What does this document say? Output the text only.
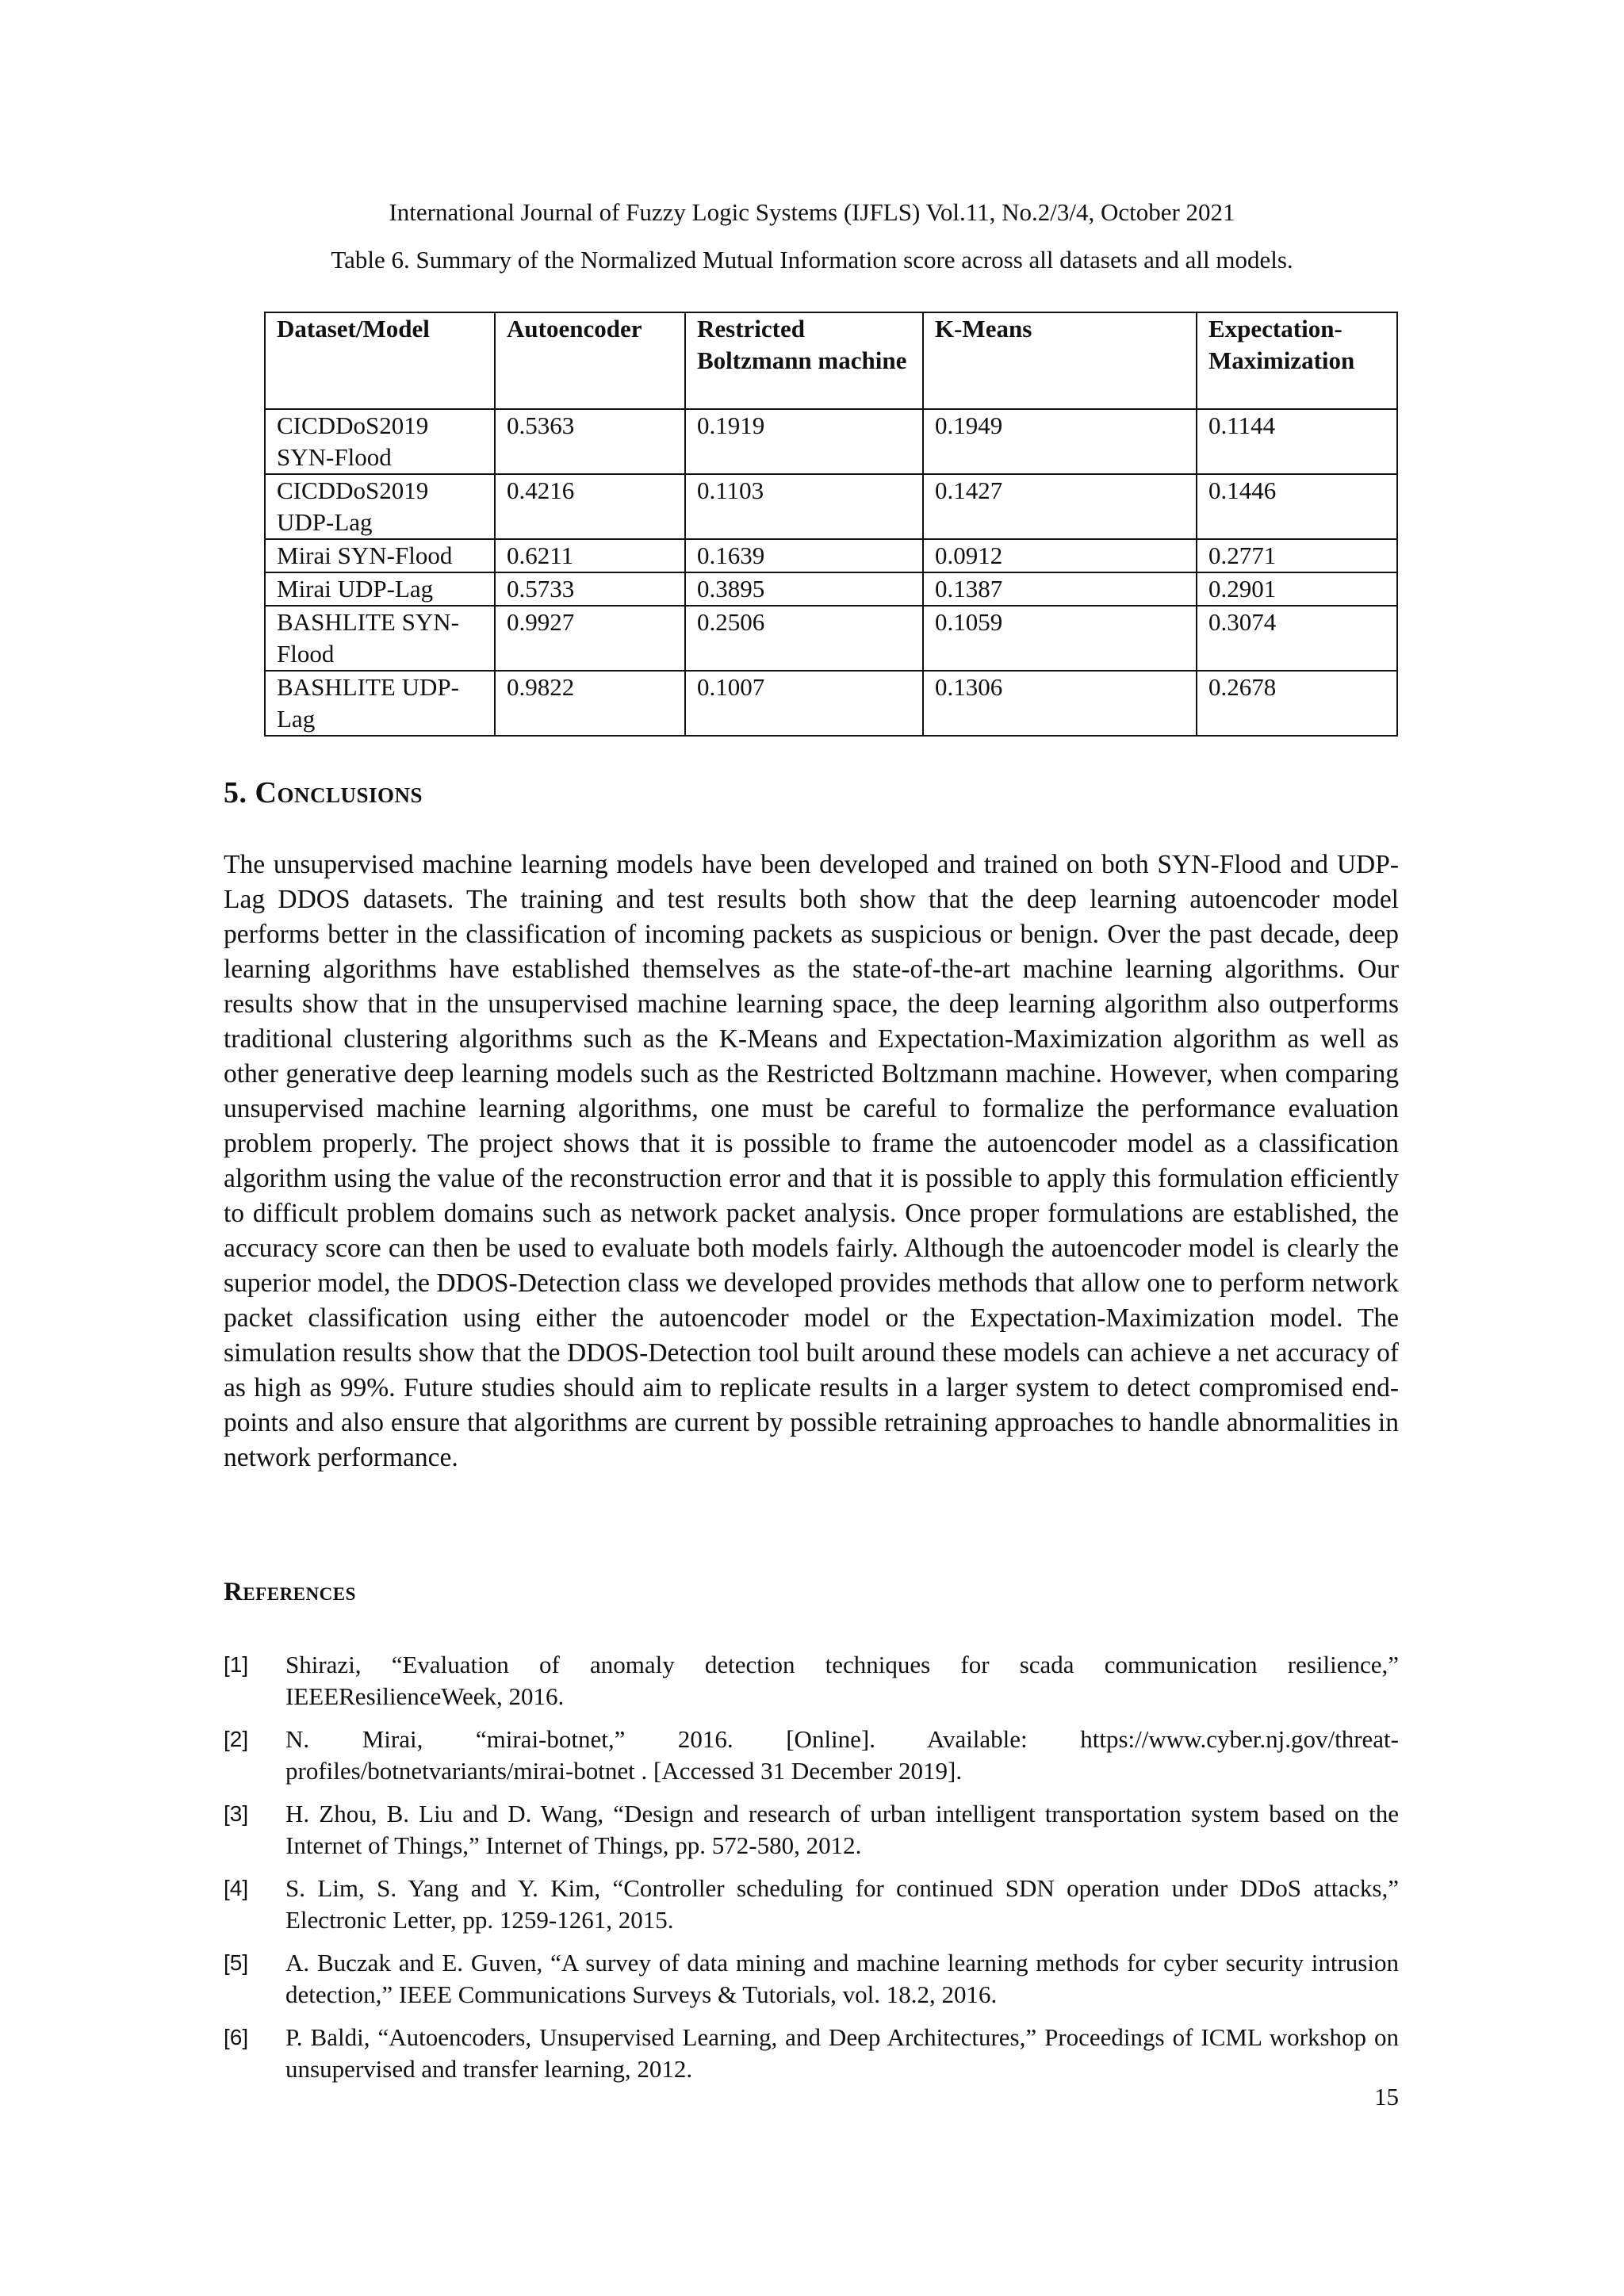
International Journal of Fuzzy Logic Systems (IJFLS) Vol.11, No.2/3/4, October 2021
Table 6. Summary of the Normalized Mutual Information score across all datasets and all models.
Dataset/Model	Autoencoder	Restricted Boltzmann machine	K-Means	Expectation-Maximization
CICDDoS2019 SYN-Flood	0.5363	0.1919	0.1949	0.1144
CICDDoS2019 UDP-Lag	0.4216	0.1103	0.1427	0.1446
Mirai SYN-Flood	0.6211	0.1639	0.0912	0.2771
Mirai UDP-Lag	0.5733	0.3895	0.1387	0.2901
BASHLITE SYN-Flood	0.9927	0.2506	0.1059	0.3074
BASHLITE UDP-Lag	0.9822	0.1007	0.1306	0.2678
5. Conclusions

The unsupervised machine learning models have been developed and trained on both SYN-Flood and UDP-Lag DDOS datasets. The training and test results both show that the deep learning autoencoder model performs better in the classification of incoming packets as suspicious or benign. Over the past decade, deep learning algorithms have established themselves as the state-of-the-art machine learning algorithms. Our results show that in the unsupervised machine learning space, the deep learning algorithm also outperforms traditional clustering algorithms such as the K-Means and Expectation-Maximization algorithm as well as other generative deep learning models such as the Restricted Boltzmann machine. However, when comparing unsupervised machine learning algorithms, one must be careful to formalize the performance evaluation problem properly. The project shows that it is possible to frame the autoencoder model as a classification algorithm using the value of the reconstruction error and that it is possible to apply this formulation efficiently to difficult problem domains such as network packet analysis. Once proper formulations are established, the accuracy score can then be used to evaluate both models fairly. Although the autoencoder model is clearly the superior model, the DDOS-Detection class we developed provides methods that allow one to perform network packet classification using either the autoencoder model or the Expectation-Maximization model. The simulation results show that the DDOS-Detection tool built around these models can achieve a net accuracy of as high as 99%. Future studies should aim to replicate results in a larger system to detect compromised end-points and also ensure that algorithms are current by possible retraining approaches to handle abnormalities in network performance.

References
[1] Shirazi, “Evaluation of anomaly detection techniques for scada communication resilience,” IEEEResilienceWeek, 2016.
[2] N. Mirai, “mirai-botnet,” 2016. [Online]. Available: https://www.cyber.nj.gov/threat-profiles/botnetvariants/mirai-botnet . [Accessed 31 December 2019].
[3] H. Zhou, B. Liu and D. Wang, “Design and research of urban intelligent transportation system based on the Internet of Things,” Internet of Things, pp. 572-580, 2012.
[4] S. Lim, S. Yang and Y. Kim, “Controller scheduling for continued SDN operation under DDoS attacks,” Electronic Letter, pp. 1259-1261, 2015.
[5] A. Buczak and E. Guven, “A survey of data mining and machine learning methods for cyber security intrusion detection,” IEEE Communications Surveys & Tutorials, vol. 18.2, 2016.
[6] P. Baldi, “Autoencoders, Unsupervised Learning, and Deep Architectures,” Proceedings of ICML workshop on unsupervised and transfer learning, 2012.
15
